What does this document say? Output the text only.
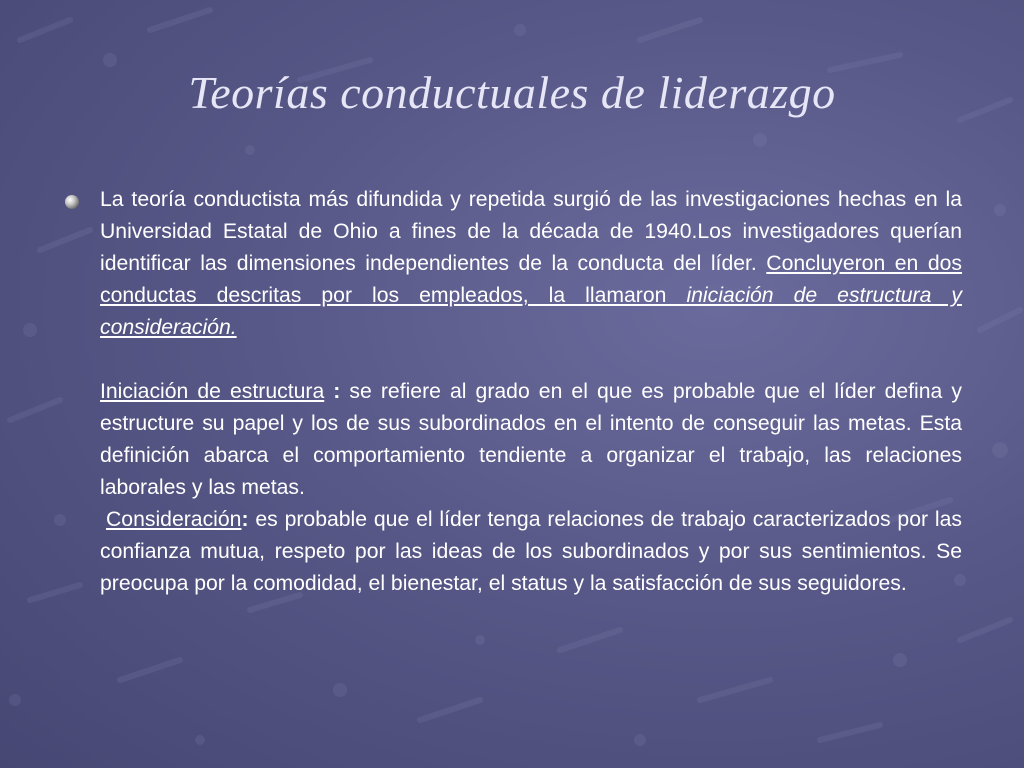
Teorías conductuales de liderazgo

La teoría conductista más difundida y repetida surgió de las investigaciones hechas en la Universidad Estatal de Ohio a fines de la década de 1940.Los investigadores querían identificar las dimensiones independientes de la conducta del líder. Concluyeron en dos conductas descritas por los empleados, la llamaron iniciación de estructura y consideración.

Iniciación de estructura : se refiere al grado en el que es probable que el líder defina y estructure su papel y los de sus subordinados en el intento de conseguir las metas. Esta definición abarca el comportamiento tendiente a organizar el trabajo, las relaciones laborales y las metas.

Consideración: es probable que el líder tenga relaciones de trabajo caracterizados por las confianza mutua, respeto por las ideas de los subordinados y por sus sentimientos. Se preocupa por la comodidad, el bienestar, el status y la satisfacción de sus seguidores.
